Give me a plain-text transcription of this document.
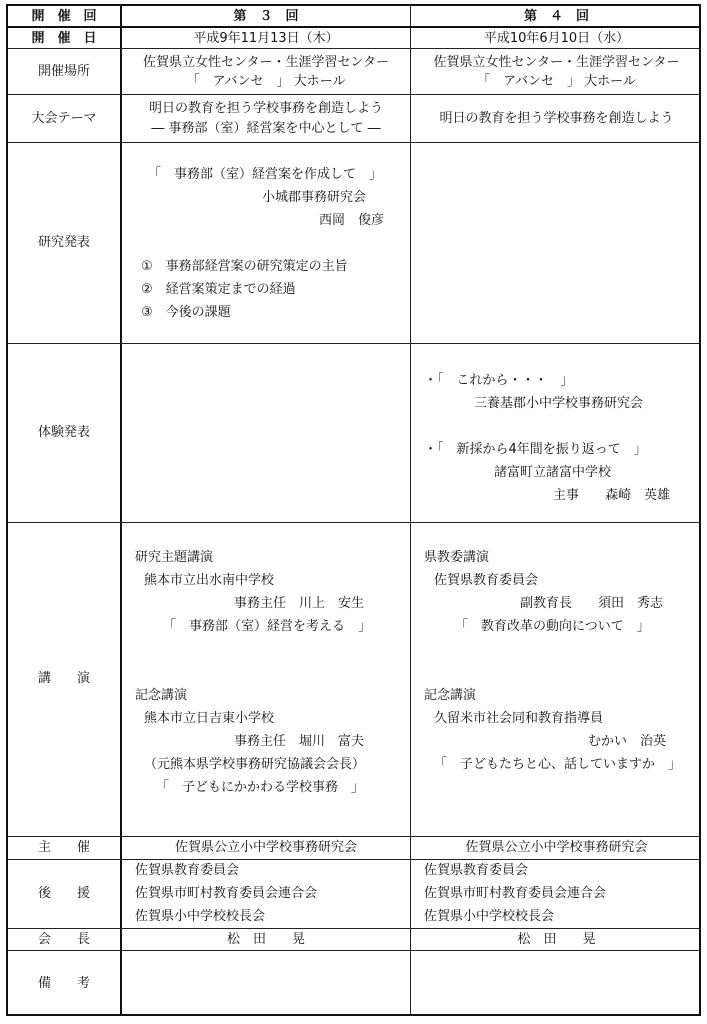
開　催　回
開　催　日
開催場所
大会テーマ
研究発表
体験発表
講　　演
主　　催
後　　援
会　　長
備　　考
第　３　回
平成9年11月13日（木）
佐賀県立女性センター・生涯学習センター
「　アバンセ　」 大ホール
明日の教育を担う学校事務を創造しよう
― 事務部（室）経営案を中心として ―
「　事務部（室）経営案を作成して　」
小城郡事務研究会
西岡　俊彦
①　事務部経営案の研究策定の主旨
②　経営案策定までの経過
③　今後の課題
研究主題講演
熊本市立出水南中学校
事務主任　川上　安生
「　事務部（室）経営を考える　」
記念講演
熊本市立日吉東小学校
事務主任　堀川　富夫
（元熊本県学校事務研究協議会会長）
「　子どもにかかわる学校事務　」
佐賀県公立小中学校事務研究会
佐賀県教育委員会
佐賀県市町村教育委員会連合会
佐賀県小中学校校長会
松　田　　晃
第　４　回
平成10年6月10日（水）
佐賀県立女性センター・生涯学習センター
「　アバンセ　」 大ホール
明日の教育を担う学校事務を創造しよう
・「　これから・・・　」
三養基郡小中学校事務研究会
・「　新採から4年間を振り返って　」
諸富町立諸富中学校
主事　　森崎　英雄
県教委講演
佐賀県教育委員会
副教育長　　須田　秀志
「　教育改革の動向について　」
記念講演
久留米市社会同和教育指導員
むかい　治英
「　子どもたちと心、話していますか　」
佐賀県公立小中学校事務研究会
佐賀県教育委員会
佐賀県市町村教育委員会連合会
佐賀県小中学校校長会
松　田　　晃
